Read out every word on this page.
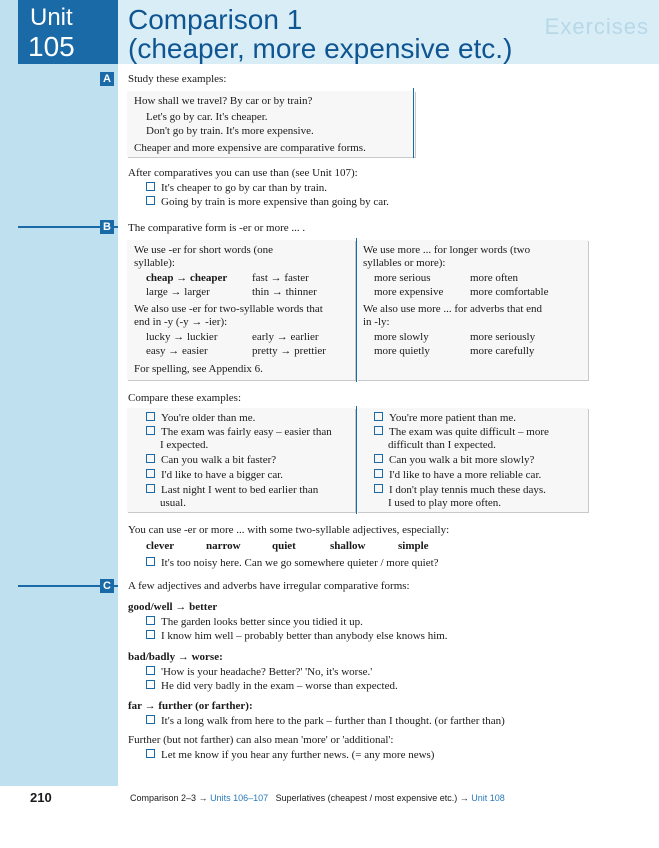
Exercises
Unit
105
Comparison 1
(cheaper, more expensive etc.)
A Study these examples:
How shall we travel? By car or by train?
Let's go by car. It's cheaper.
Don't go by train. It's more expensive.
Cheaper and more expensive are comparative forms.
After comparatives you can use than (see Unit 107):
It's cheaper to go by car than by train.
Going by train is more expensive than going by car.
B The comparative form is -er or more ... .
We use -er for short words (one
syllable):
cheap → cheaper fast → faster
large → larger	thin → thinner
We also use -er for two-syllable words that
end in -y (-y → -ier):
lucky → luckier	early → earlier
easy → easier	pretty → prettier
For spelling, see Appendix 6.
We use more ... for longer words (two
syllables or more):
more serious	more often
more expensive more comfortable
We also use more ... for adverbs that end
in -ly:
more slowly	more seriously
more quietly	more carefully
Compare these examples:
You're older than me.
The exam was fairly easy – easier than
I expected.
Can you walk a bit faster?
I'd like to have a bigger car.
Last night I went to bed earlier than
usual.
You're more patient than me.
The exam was quite difficult – more
difficult than I expected.
Can you walk a bit more slowly?
I'd like to have a more reliable car.
I don't play tennis much these days.
I used to play more often.
You can use -er or more ... with some two-syllable adjectives, especially:
clever	narrow	quiet	shallow	simple
It's too noisy here. Can we go somewhere quieter / more quiet?
C A few adjectives and adverbs have irregular comparative forms:
good/well → better
The garden looks better since you tidied it up.
I know him well – probably better than anybody else knows him.
bad/badly → worse:
'How is your headache? Better?' 'No, it's worse.'
He did very badly in the exam – worse than expected.
far → further (or farther):
It's a long walk from here to the park – further than I thought. (or farther than)
Further (but not farther) can also mean 'more' or 'additional':
Let me know if you hear any further news. (= any more news)
210	Comparison 2–3 → Units 106–107 Superlatives (cheapest / most expensive etc.) → Unit 108
